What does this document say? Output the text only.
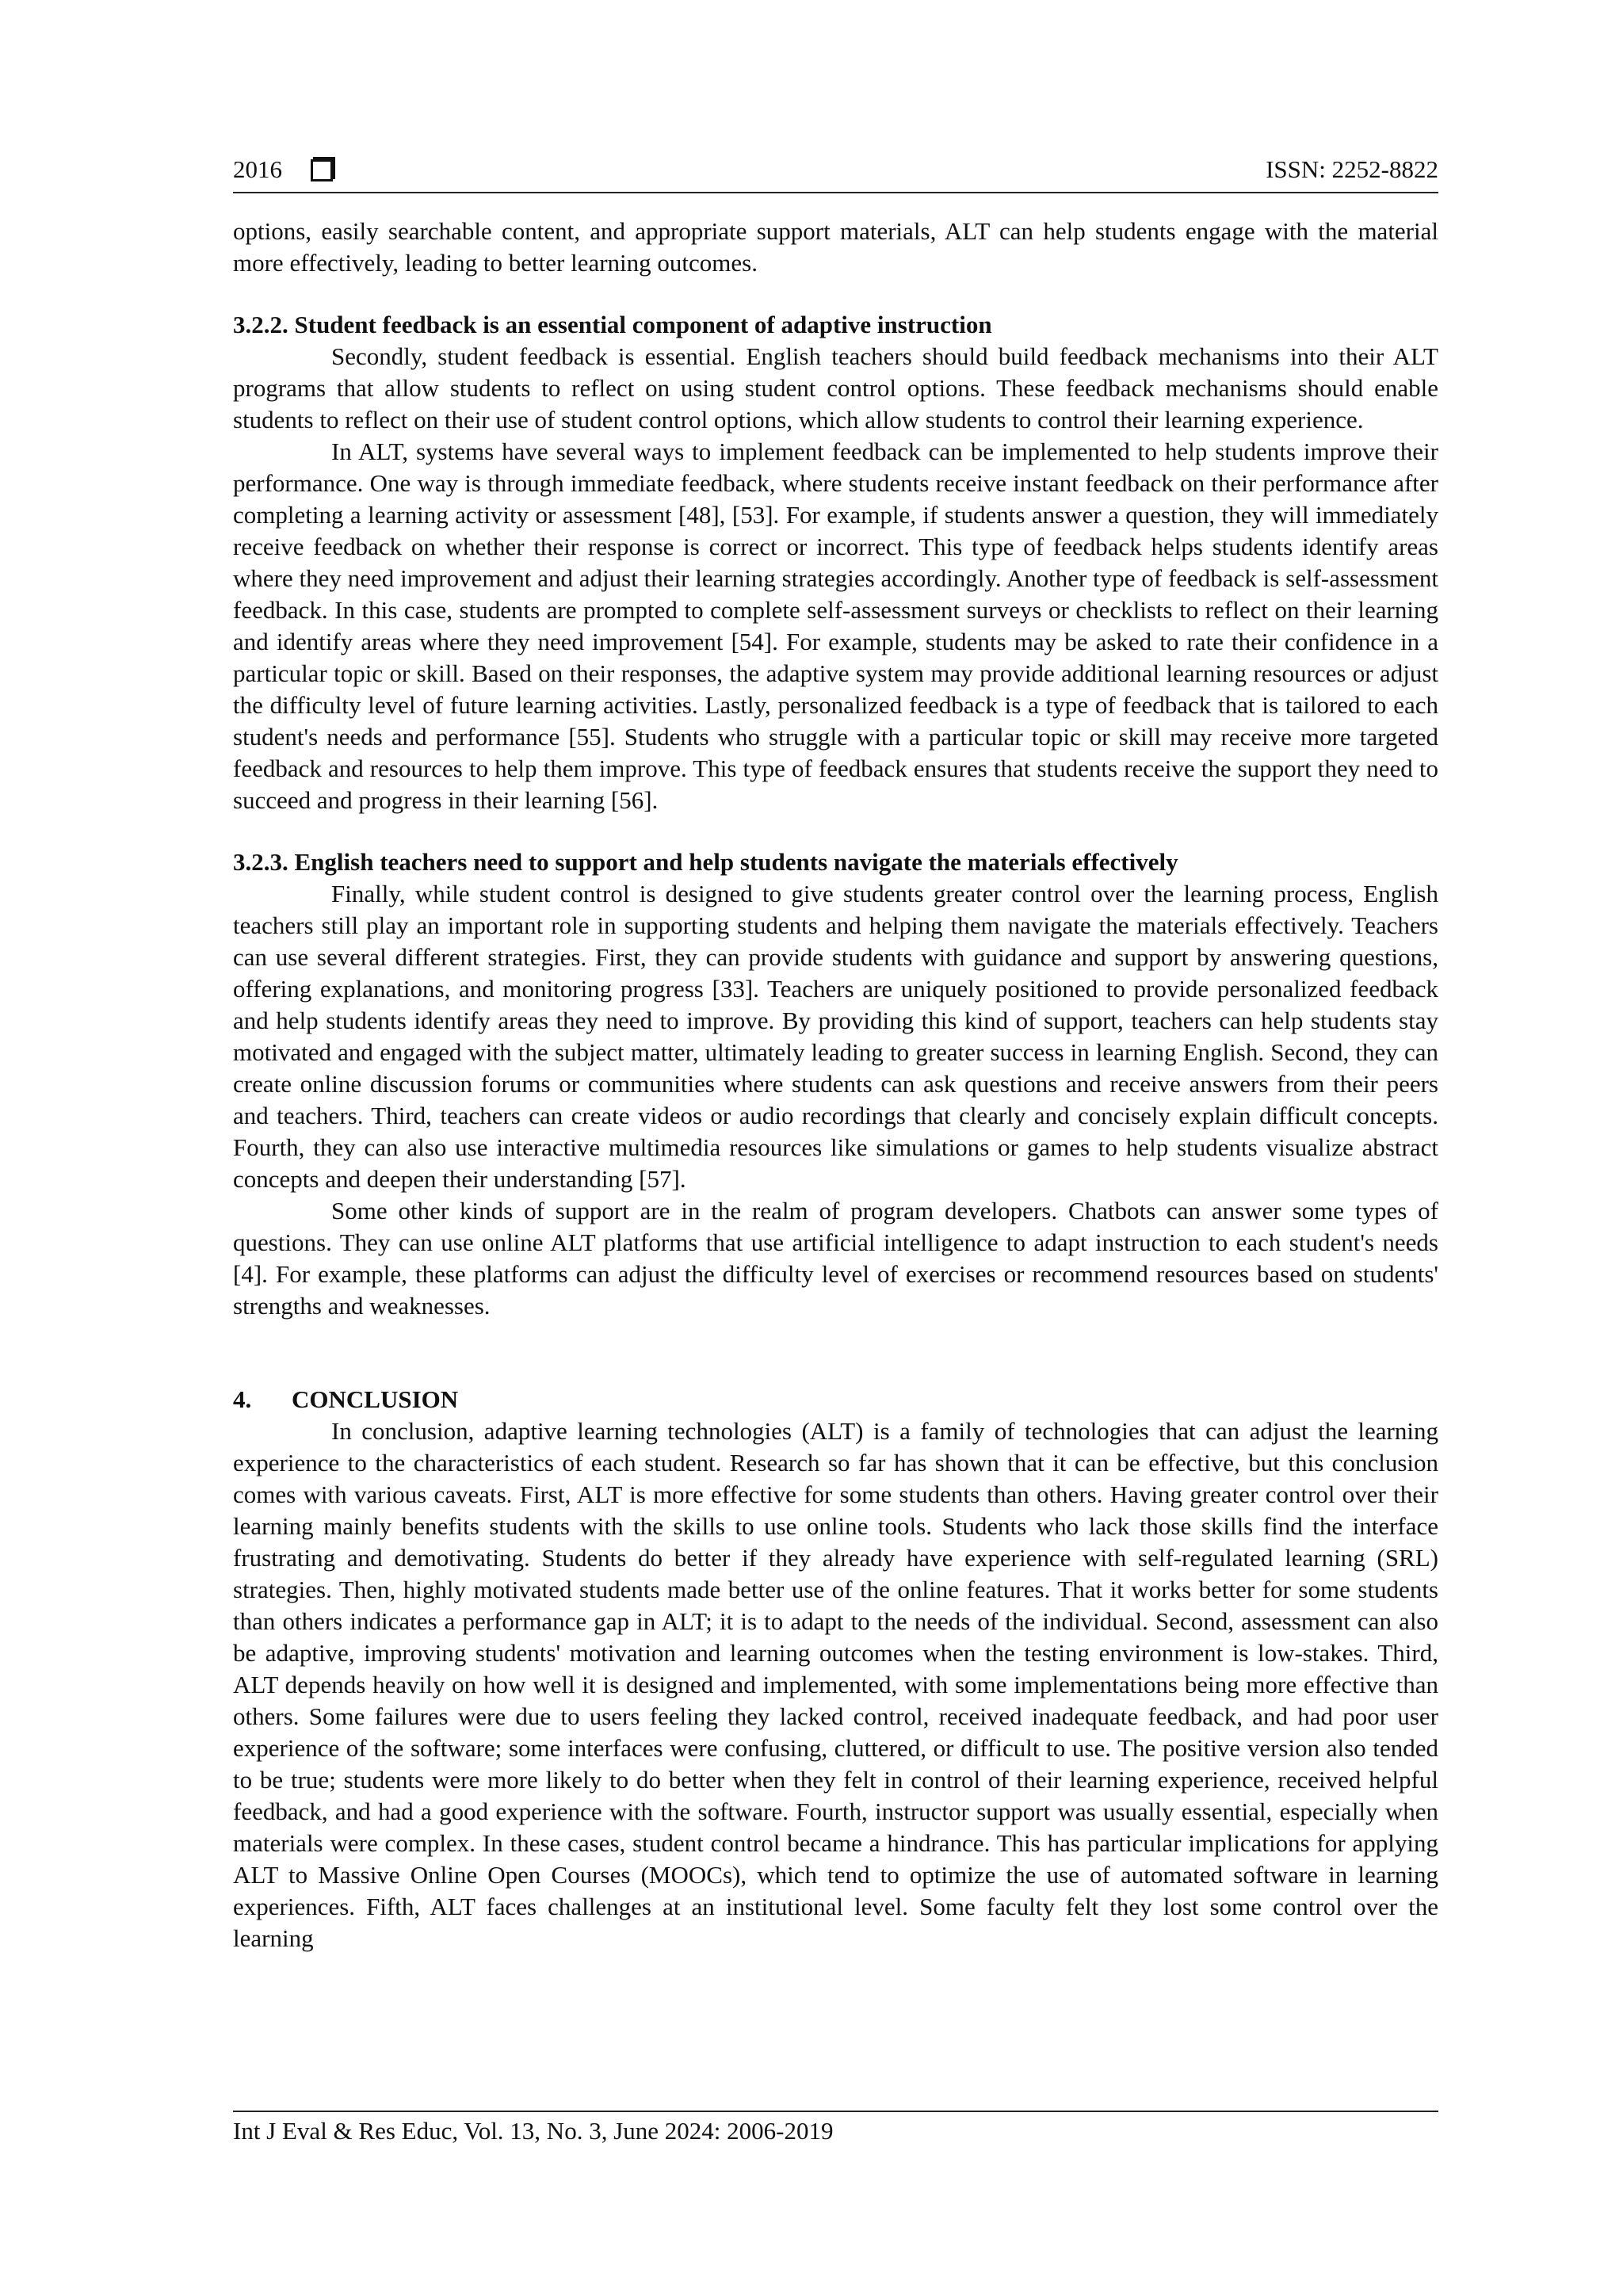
2016	ISSN: 2252-8822

options, easily searchable content, and appropriate support materials, ALT can help students engage with the material more effectively, leading to better learning outcomes.

3.2.2. Student feedback is an essential component of adaptive instruction

Secondly, student feedback is essential. English teachers should build feedback mechanisms into their ALT programs that allow students to reflect on using student control options. These feedback mechanisms should enable students to reflect on their use of student control options, which allow students to control their learning experience.

In ALT, systems have several ways to implement feedback can be implemented to help students improve their performance. One way is through immediate feedback, where students receive instant feedback on their performance after completing a learning activity or assessment [48], [53]. For example, if students answer a question, they will immediately receive feedback on whether their response is correct or incorrect. This type of feedback helps students identify areas where they need improvement and adjust their learning strategies accordingly. Another type of feedback is self-assessment feedback. In this case, students are prompted to complete self-assessment surveys or checklists to reflect on their learning and identify areas where they need improvement [54]. For example, students may be asked to rate their confidence in a particular topic or skill. Based on their responses, the adaptive system may provide additional learning resources or adjust the difficulty level of future learning activities. Lastly, personalized feedback is a type of feedback that is tailored to each student's needs and performance [55]. Students who struggle with a particular topic or skill may receive more targeted feedback and resources to help them improve. This type of feedback ensures that students receive the support they need to succeed and progress in their learning [56].

3.2.3. English teachers need to support and help students navigate the materials effectively

Finally, while student control is designed to give students greater control over the learning process, English teachers still play an important role in supporting students and helping them navigate the materials effectively. Teachers can use several different strategies. First, they can provide students with guidance and support by answering questions, offering explanations, and monitoring progress [33]. Teachers are uniquely positioned to provide personalized feedback and help students identify areas they need to improve. By providing this kind of support, teachers can help students stay motivated and engaged with the subject matter, ultimately leading to greater success in learning English. Second, they can create online discussion forums or communities where students can ask questions and receive answers from their peers and teachers. Third, teachers can create videos or audio recordings that clearly and concisely explain difficult concepts. Fourth, they can also use interactive multimedia resources like simulations or games to help students visualize abstract concepts and deepen their understanding [57].

Some other kinds of support are in the realm of program developers. Chatbots can answer some types of questions. They can use online ALT platforms that use artificial intelligence to adapt instruction to each student's needs [4]. For example, these platforms can adjust the difficulty level of exercises or recommend resources based on students' strengths and weaknesses.

4. CONCLUSION

In conclusion, adaptive learning technologies (ALT) is a family of technologies that can adjust the learning experience to the characteristics of each student. Research so far has shown that it can be effective, but this conclusion comes with various caveats. First, ALT is more effective for some students than others. Having greater control over their learning mainly benefits students with the skills to use online tools. Students who lack those skills find the interface frustrating and demotivating. Students do better if they already have experience with self-regulated learning (SRL) strategies. Then, highly motivated students made better use of the online features. That it works better for some students than others indicates a performance gap in ALT; it is to adapt to the needs of the individual. Second, assessment can also be adaptive, improving students' motivation and learning outcomes when the testing environment is low-stakes. Third, ALT depends heavily on how well it is designed and implemented, with some implementations being more effective than others. Some failures were due to users feeling they lacked control, received inadequate feedback, and had poor user experience of the software; some interfaces were confusing, cluttered, or difficult to use. The positive version also tended to be true; students were more likely to do better when they felt in control of their learning experience, received helpful feedback, and had a good experience with the software. Fourth, instructor support was usually essential, especially when materials were complex. In these cases, student control became a hindrance. This has particular implications for applying ALT to Massive Online Open Courses (MOOCs), which tend to optimize the use of automated software in learning experiences. Fifth, ALT faces challenges at an institutional level. Some faculty felt they lost some control over the learning

Int J Eval & Res Educ, Vol. 13, No. 3, June 2024: 2006-2019
